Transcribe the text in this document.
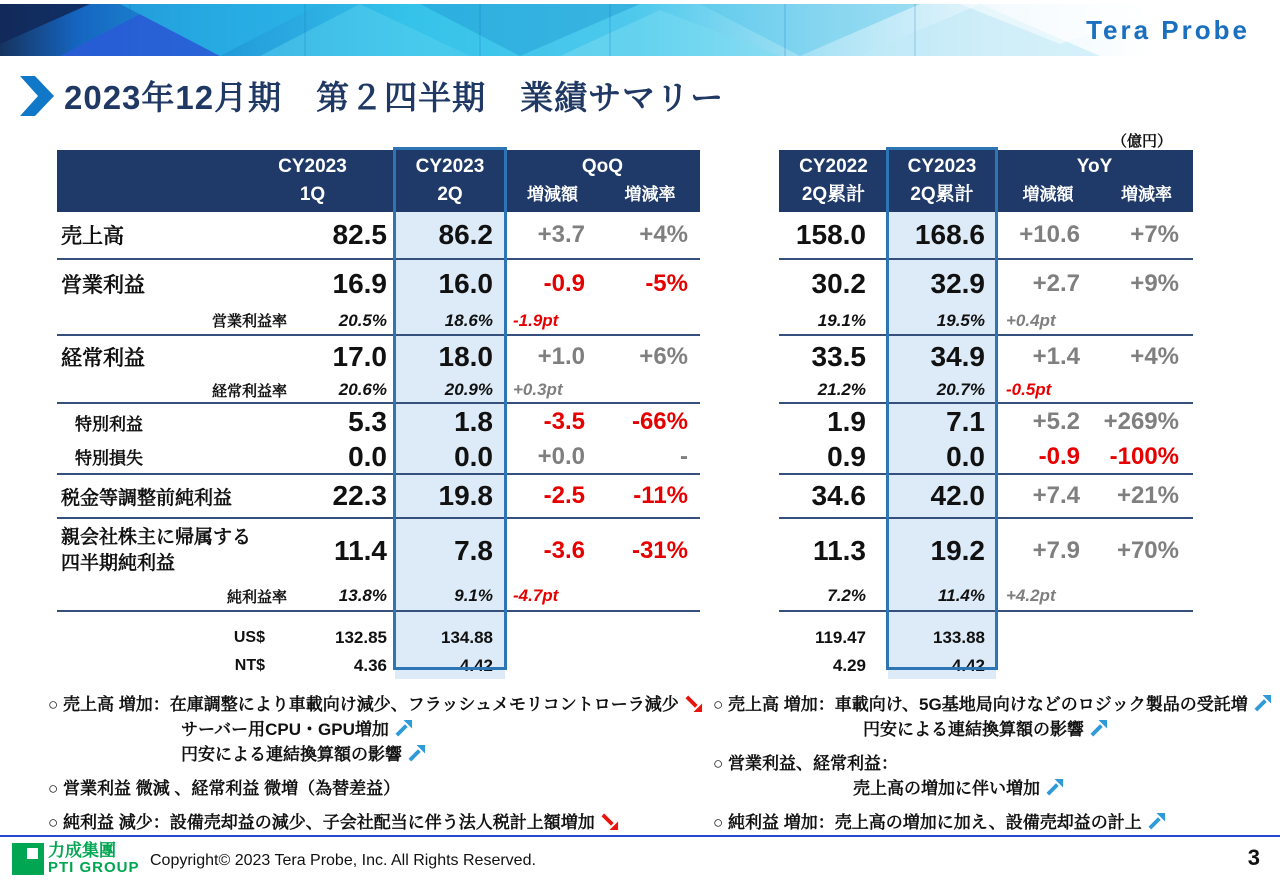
Tera Probe
2023年12月期　第２四半期　業績サマリー
（億円）
CY2023
1Q
CY2023
2Q
QoQ
増減額	増減率
売上高	82.5	86.2	+3.7	+4%
営業利益	16.9	16.0	-0.9	-5%
営業利益率	20.5%	18.6%	-1.9pt
経常利益	17.0	18.0	+1.0	+6%
経常利益率	20.6%	20.9%	+0.3pt
特別利益	5.3	1.8	-3.5	-66%
特別損失	0.0	0.0	+0.0	-
税金等調整前純利益	22.3	19.8	-2.5	-11%
親会社株主に帰属する
四半期純利益	11.4	7.8	-3.6	-31%
純利益率	13.8%	9.1%	-4.7pt
US$	132.85	134.88
NT$	4.36	4.42
CY2022
2Q累計
CY2023
2Q累計
YoY
増減額	増減率
158.0	168.6	+10.6	+7%
30.2	32.9	+2.7	+9%
19.1%	19.5%	+0.4pt
33.5	34.9	+1.4	+4%
21.2%	20.7%	-0.5pt
1.9	7.1	+5.2 +269%
0.9	0.0	-0.9	-100%
34.6	42.0	+7.4	+21%
11.3	19.2	+7.9	+70%
7.2%	11.4%	+4.2pt
119.47	133.88
4.29	4.42
○ 売上高 増加：在庫調整により車載向け減少、フラッシュメモリコントローラ減少
サーバー用CPU・GPU増加
円安による連結換算額の影響
○ 営業利益 微減 、経常利益 微増（為替差益）
○ 純利益 減少：設備売却益の減少、子会社配当に伴う法人税計上額増加
○ 売上高 増加：車載向け、5G基地局向けなどのロジック製品の受託増
円安による連結換算額の影響
○ 営業利益、経常利益：
売上高の増加に伴い増加
○ 純利益 増加：売上高の増加に加え、設備売却益の計上
力成集團
PTI GROUP Copyright© 2023 Tera Probe, Inc. All Rights Reserved.	3
